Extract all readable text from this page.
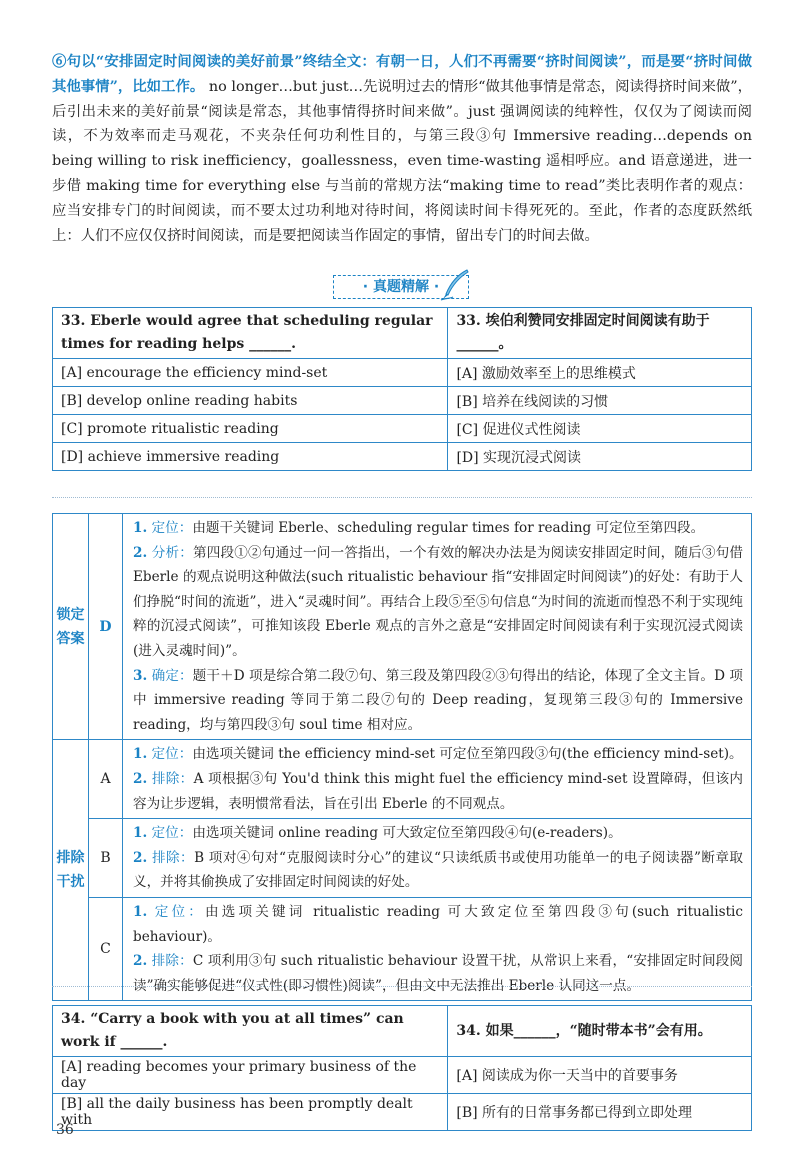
⑥句以“安排固定时间阅读的美好前景”终结全文：有朝一日，人们不再需要“挤时间阅读”，而是要“挤时间做其他事情”，比如工作。 no longer…but just…先说明过去的情形“做其他事情是常态，阅读得挤时间来做”，后引出未来的美好前景“阅读是常态，其他事情得挤时间来做”。just 强调阅读的纯粹性，仅仅为了阅读而阅读，不为效率而走马观花，不夹杂任何功利性目的，与第三段③句 Immersive reading…depends on being willing to risk inefficiency，goallessness，even time-wasting 遥相呼应。and 语意递进，进一步借 making time for everything else 与当前的常规方法“making time to read”类比表明作者的观点：应当安排专门的时间阅读，而不要太过功利地对待时间，将阅读时间卡得死死的。至此，作者的态度跃然纸上：人们不应仅仅挤时间阅读，而是要把阅读当作固定的事情，留出专门的时间去做。
· 真题精解 ·
33. Eberle would agree that scheduling regular times for reading helps ______.	33. 埃伯利赞同安排固定时间阅读有助于______。
[A] encourage the efficiency mind-set	[A] 激励效率至上的思维模式
[B] develop online reading habits	[B] 培养在线阅读的习惯
[C] promote ritualistic reading	[C] 促进仪式性阅读
[D] achieve immersive reading	[D] 实现沉浸式阅读
锁定答案	D	1. 定位：由题干关键词 Eberle、scheduling regular times for reading 可定位至第四段。
2. 分析：第四段①②句通过一问一答指出，一个有效的解决办法是为阅读安排固定时间，随后③句借 Eberle 的观点说明这种做法(such ritualistic behaviour 指“安排固定时间阅读”)的好处：有助于人们挣脱“时间的流逝”，进入“灵魂时间”。再结合上段⑤至⑤句信息“为时间的流逝而惶恐不利于实现纯粹的沉浸式阅读”，可推知该段 Eberle 观点的言外之意是“安排固定时间阅读有利于实现沉浸式阅读(进入灵魂时间)”。
3. 确定：题干＋D 项是综合第二段⑦句、第三段及第四段②③句得出的结论，体现了全文主旨。D 项中 immersive reading 等同于第二段⑦句的 Deep reading，复现第三段③句的 Immersive reading，均与第四段③句 soul time 相对应。

排除干扰	A	1. 定位：由选项关键词 the efficiency mind-set 可定位至第四段③句(the efficiency mind-set)。
2. 排除：A 项根据③句 You'd think this might fuel the efficiency mind-set 设置障碍，但该内容为让步逻辑，表明惯常看法，旨在引出 Eberle 的不同观点。

	B	1. 定位：由选项关键词 online reading 可大致定位至第四段④句(e-readers)。
2. 排除：B 项对④句对“克服阅读时分心”的建议“只读纸质书或使用功能单一的电子阅读器”断章取义，并将其偷换成了安排固定时间阅读的好处。

	C	1. 定位：由选项关键词 ritualistic reading 可大致定位至第四段③句(such ritualistic behaviour)。
2. 排除：C 项利用③句 such ritualistic behaviour 设置干扰，从常识上来看，“安排固定时间段阅读”确实能够促进“仪式性(即习惯性)阅读”，但由文中无法推出 Eberle 认同这一点。
34. “Carry a book with you at all times” can work if ______.	34. 如果______，“随时带本书”会有用。
[A] reading becomes your primary business of the day	[A] 阅读成为你一天当中的首要事务
[B] all the daily business has been promptly dealt with	[B] 所有的日常事务都已得到立即处理
36
